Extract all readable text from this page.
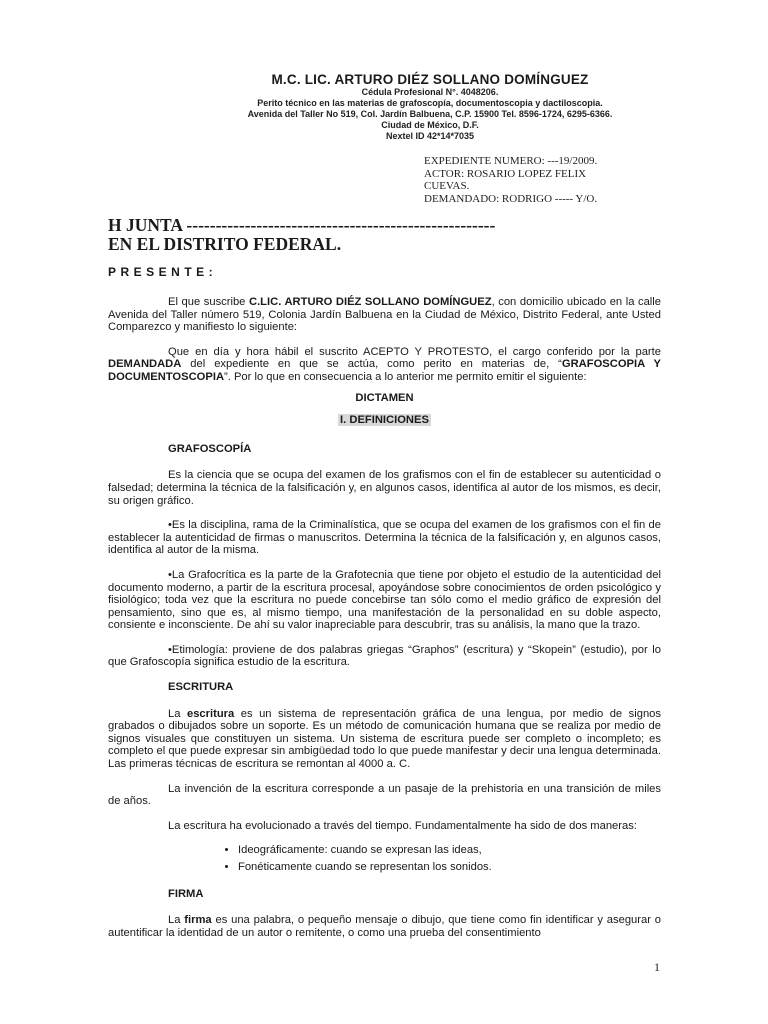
M.C. LIC. ARTURO DIÉZ SOLLANO DOMÍNGUEZ
Cédula Profesional N°. 4048206.
Perito técnico en las materias de grafoscopía, documentoscopia y dactiloscopia.
Avenida del Taller No 519, Col. Jardín Balbuena, C.P. 15900 Tel. 8596-1724, 6295-6366.
Ciudad de México, D.F.
Nextel ID 42*14*7035
EXPEDIENTE NUMERO: ---19/2009.
ACTOR: ROSARIO LOPEZ FELIX
CUEVAS.
DEMANDADO: RODRIGO ----- Y/O.
H JUNTA -----------------------------------------------------
EN EL DISTRITO FEDERAL.
PRESENTE:

El que suscribe C.LIC. ARTURO DIÉZ SOLLANO DOMÍNGUEZ, con domicilio ubicado en la calle Avenida del Taller número 519, Colonia Jardín Balbuena en la Ciudad de México, Distrito Federal, ante Usted Comparezco y manifiesto lo siguiente:

Que en día y hora hábil el suscrito ACEPTO Y PROTESTO, el cargo conferido por la parte DEMANDADA del expediente en que se actúa, como perito en materias de, “GRAFOSCOPIA Y DOCUMENTOSCOPIA”. Por lo que en consecuencia a lo anterior me permito emitir el siguiente:

DICTAMEN
I. DEFINICIONES
GRAFOSCOPÍA

Es la ciencia que se ocupa del examen de los grafismos con el fin de establecer su autenticidad o falsedad; determina la técnica de la falsificación y, en algunos casos, identifica al autor de los mismos, es decir, su origen gráfico.

•Es la disciplina, rama de la Criminalística, que se ocupa del examen de los grafismos con el fin de establecer la autenticidad de firmas o manuscritos. Determina la técnica de la falsificación y, en algunos casos, identifica al autor de la misma.

•La Grafocrítica es la parte de la Grafotecnia que tiene por objeto el estudio de la autenticidad del documento moderno, a partir de la escritura procesal, apoyándose sobre conocimientos de orden psicológico y fisiológico; toda vez que la escritura no puede concebirse tan sólo como el medio gráfico de expresión del pensamiento, sino que es, al mismo tiempo, una manifestación de la personalidad en su doble aspecto, consiente e inconsciente. De ahí su valor inapreciable para descubrir, tras su análisis, la mano que la trazo.

•Etimología: proviene de dos palabras griegas “Graphos” (escritura) y “Skopein” (estudio), por lo que Grafoscopía significa estudio de la escritura.

ESCRITURA

La escritura es un sistema de representación gráfica de una lengua, por medio de signos grabados o dibujados sobre un soporte. Es un método de comunicación humana que se realiza por medio de signos visuales que constituyen un sistema. Un sistema de escritura puede ser completo o incompleto; es completo el que puede expresar sin ambigüedad todo lo que puede manifestar y decir una lengua determinada. Las primeras técnicas de escritura se remontan al 4000 a. C.

La invención de la escritura corresponde a un pasaje de la prehistoria en una transición de miles de años.

La escritura ha evolucionado a través del tiempo. Fundamentalmente ha sido de dos maneras:

• Ideográficamente: cuando se expresan las ideas,
• Fonéticamente cuando se representan los sonidos.
FIRMA

La firma es una palabra, o pequeño mensaje o dibujo, que tiene como fin identificar y asegurar o autentificar la identidad de un autor o remitente, o como una prueba del consentimiento

1
